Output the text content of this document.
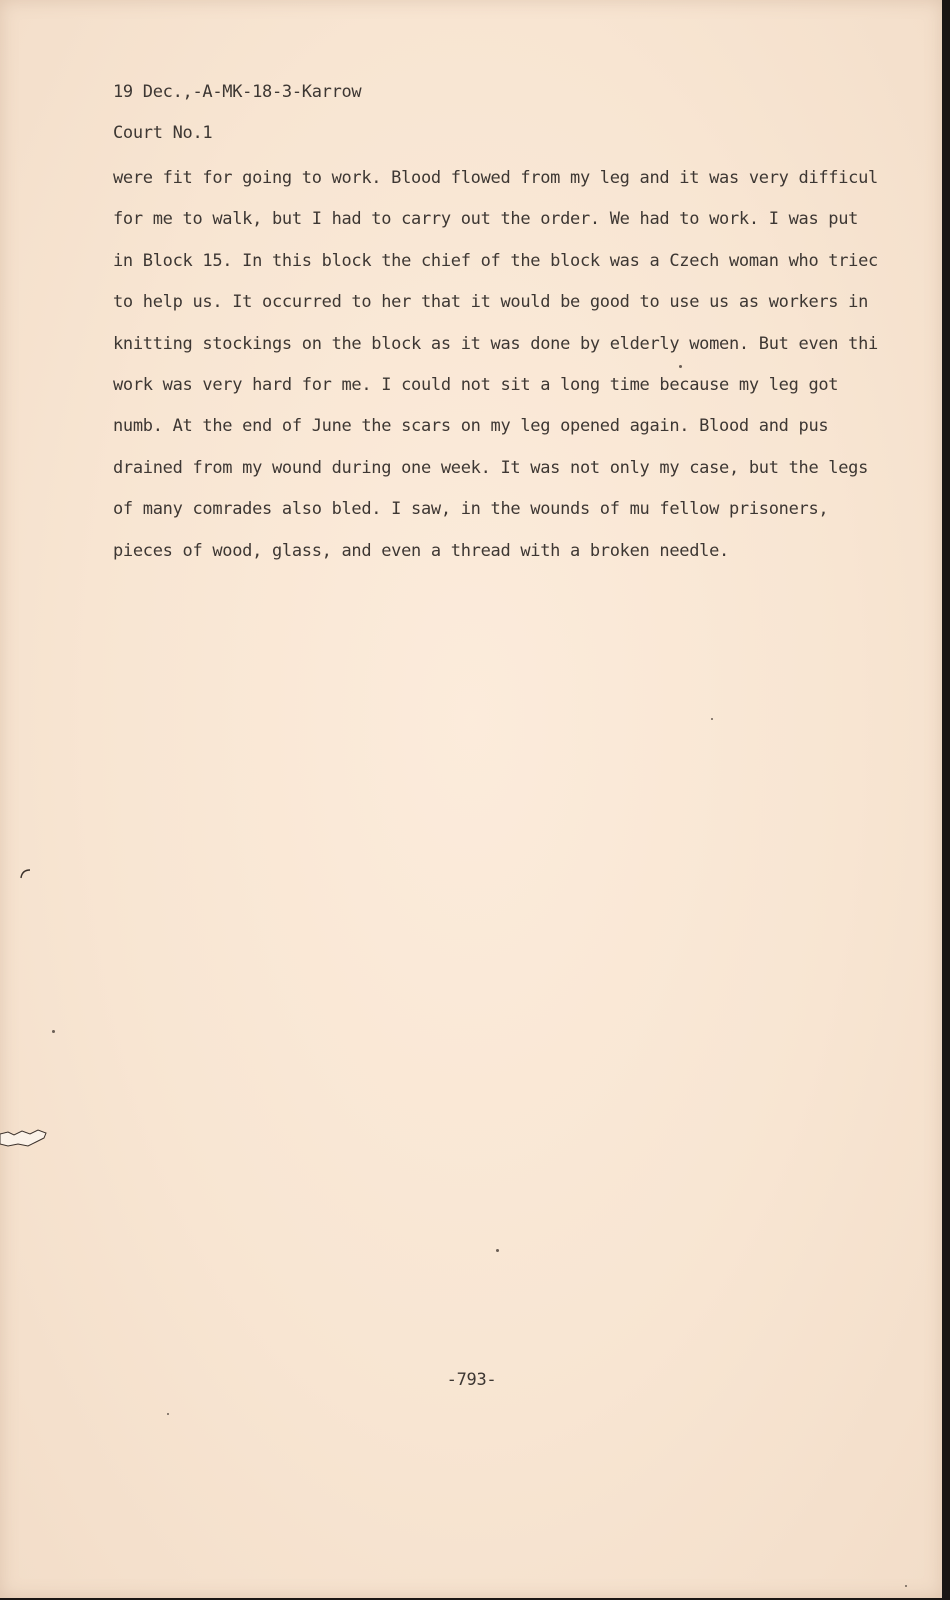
19 Dec.,-A-MK-18-3-Karrow
Court No.1
were fit for going to work. Blood flowed from my leg and it was very difficul
for me to walk, but I had to carry out the order. We had to work. I was put
in Block 15. In this block the chief of the block was a Czech woman who triec
to help us. It occurred to her that it would be good to use us as workers in
knitting stockings on the block as it was done by elderly women. But even thi
work was very hard for me. I could not sit a long time because my leg got
numb. At the end of June the scars on my leg opened again. Blood and pus
drained from my wound during one week. It was not only my case, but the legs
of many comrades also bled. I saw, in the wounds of mu fellow prisoners,
pieces of wood, glass, and even a thread with a broken needle.
-793-
